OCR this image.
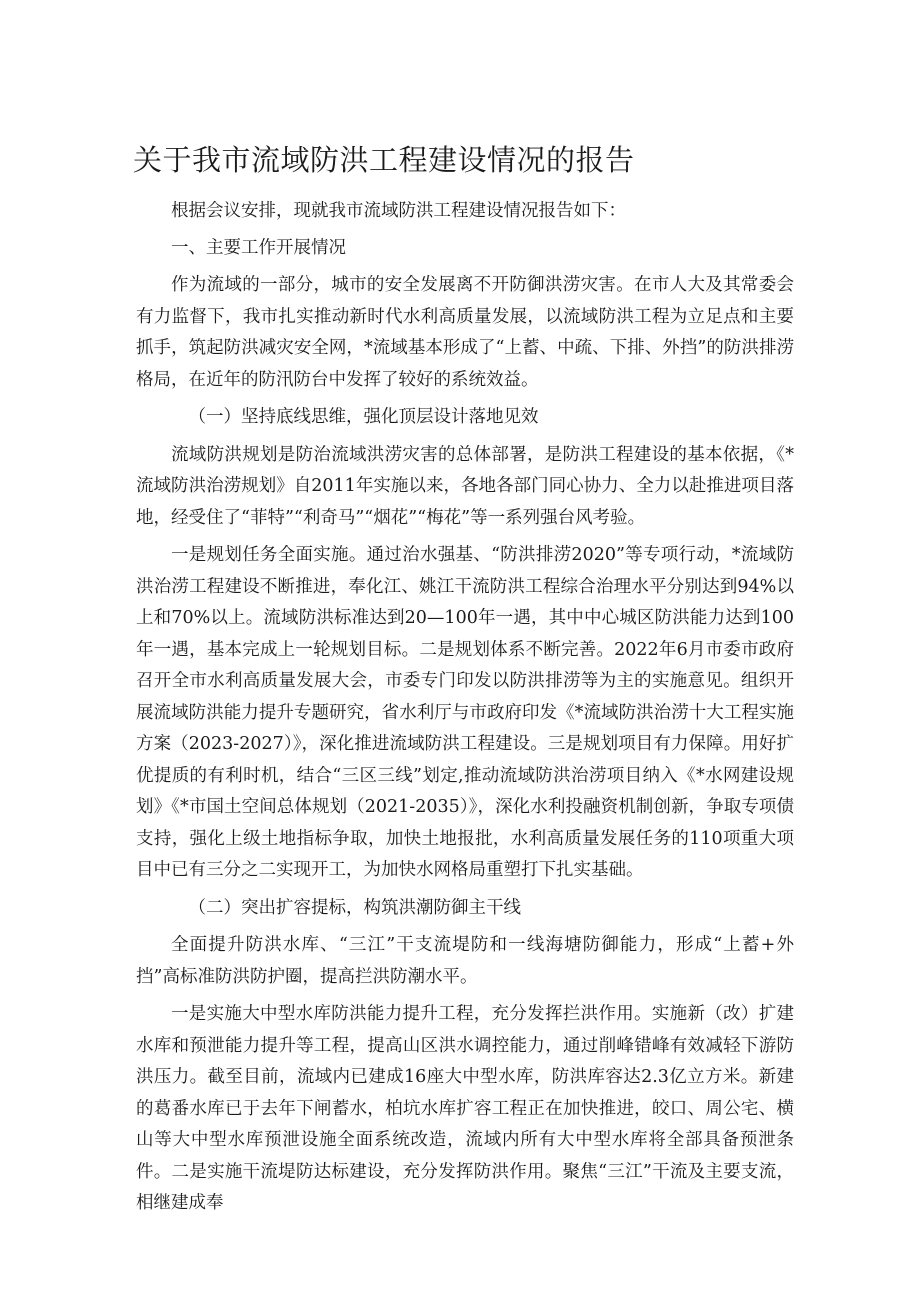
关于我市流域防洪工程建设情况的报告

根据会议安排，现就我市流域防洪工程建设情况报告如下：

一、主要工作开展情况

作为流域的一部分，城市的安全发展离不开防御洪涝灾害。在市人大及其常委会有力监督下，我市扎实推动新时代水利高质量发展，以流域防洪工程为立足点和主要抓手，筑起防洪减灾安全网，*流域基本形成了“上蓄、中疏、下排、外挡”的防洪排涝格局，在近年的防汛防台中发挥了较好的系统效益。

（一）坚持底线思维，强化顶层设计落地见效

流域防洪规划是防治流域洪涝灾害的总体部署，是防洪工程建设的基本依据，《*流域防洪治涝规划》自2011年实施以来，各地各部门同心协力、全力以赴推进项目落地，经受住了“菲特”“利奇马”“烟花”“梅花”等一系列强台风考验。

一是规划任务全面实施。通过治水强基、“防洪排涝2020”等专项行动，*流域防洪治涝工程建设不断推进，奉化江、姚江干流防洪工程综合治理水平分别达到94%以上和70%以上。流域防洪标准达到20—100年一遇，其中中心城区防洪能力达到100年一遇，基本完成上一轮规划目标。二是规划体系不断完善。2022年6月市委市政府召开全市水利高质量发展大会，市委专门印发以防洪排涝等为主的实施意见。组织开展流域防洪能力提升专题研究，省水利厅与市政府印发《*流域防洪治涝十大工程实施方案（2023-2027）》，深化推进流域防洪工程建设。三是规划项目有力保障。用好扩优提质的有利时机，结合“三区三线”划定,推动流域防洪治涝项目纳入《*水网建设规划》《*市国土空间总体规划（2021-2035）》，深化水利投融资机制创新，争取专项债支持，强化上级土地指标争取，加快土地报批，水利高质量发展任务的110项重大项目中已有三分之二实现开工，为加快水网格局重塑打下扎实基础。

（二）突出扩容提标，构筑洪潮防御主干线

全面提升防洪水库、“三江”干支流堤防和一线海塘防御能力，形成“上蓄+外挡”高标准防洪防护圈，提高拦洪防潮水平。

一是实施大中型水库防洪能力提升工程，充分发挥拦洪作用。实施新（改）扩建水库和预泄能力提升等工程，提高山区洪水调控能力，通过削峰错峰有效减轻下游防洪压力。截至目前，流域内已建成16座大中型水库，防洪库容达2.3亿立方米。新建的葛番水库已于去年下闸蓄水，柏坑水库扩容工程正在加快推进，皎口、周公宅、横山等大中型水库预泄设施全面系统改造，流域内所有大中型水库将全部具备预泄条件。二是实施干流堤防达标建设，充分发挥防洪作用。聚焦“三江”干流及主要支流，相继建成奉
